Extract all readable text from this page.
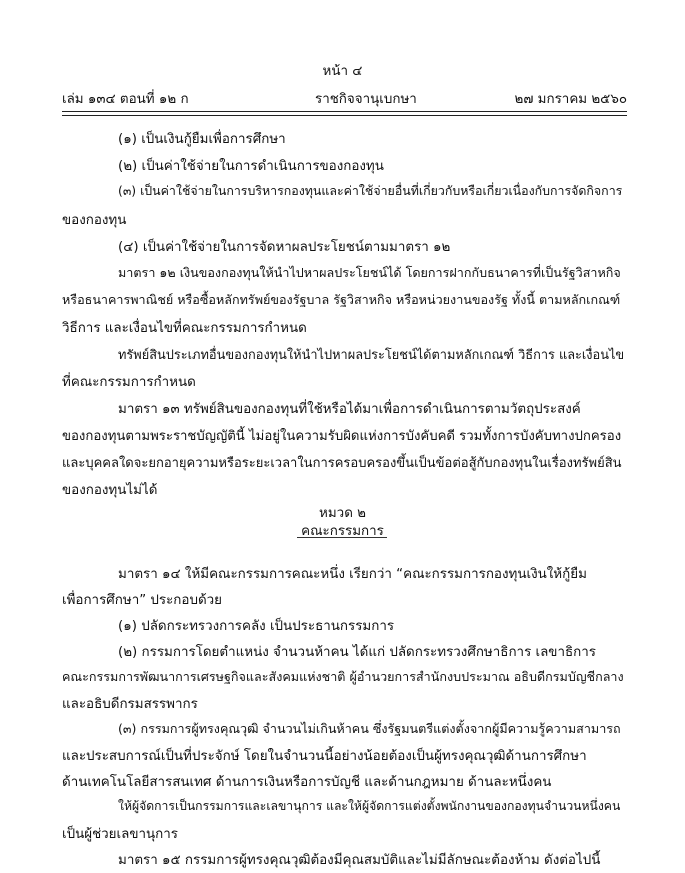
หน้า ๔
เล่ม ๑๓๔ ตอนที่ ๑๒ ก	ราชกิจจานุเบกษา	๒๗ มกราคม ๒๕๖๐
(๑) เป็นเงินกู้ยืมเพื่อการศึกษา
(๒) เป็นค่าใช้จ่ายในการดำเนินการของกองทุน
(๓) เป็นค่าใช้จ่ายในการบริหารกองทุนและค่าใช้จ่ายอื่นที่เกี่ยวกับหรือเกี่ยวเนื่องกับการจัดกิจการ
ของกองทุน
(๔) เป็นค่าใช้จ่ายในการจัดหาผลประโยชน์ตามมาตรา ๑๒
มาตรา ๑๒ เงินของกองทุนให้นำไปหาผลประโยชน์ได้ โดยการฝากกับธนาคารที่เป็นรัฐวิสาหกิจ
หรือธนาคารพาณิชย์ หรือซื้อหลักทรัพย์ของรัฐบาล รัฐวิสาหกิจ หรือหน่วยงานของรัฐ ทั้งนี้ ตามหลักเกณฑ์
วิธีการ และเงื่อนไขที่คณะกรรมการกำหนด
ทรัพย์สินประเภทอื่นของกองทุนให้นำไปหาผลประโยชน์ได้ตามหลักเกณฑ์ วิธีการ และเงื่อนไข
ที่คณะกรรมการกำหนด
มาตรา ๑๓ ทรัพย์สินของกองทุนที่ใช้หรือได้มาเพื่อการดำเนินการตามวัตถุประสงค์
ของกองทุนตามพระราชบัญญัตินี้ ไม่อยู่ในความรับผิดแห่งการบังคับคดี รวมทั้งการบังคับทางปกครอง
และบุคคลใดจะยกอายุความหรือระยะเวลาในการครอบครองขึ้นเป็นข้อต่อสู้กับกองทุนในเรื่องทรัพย์สิน
ของกองทุนไม่ได้
หมวด ๒
คณะกรรมการ
มาตรา ๑๔ ให้มีคณะกรรมการคณะหนึ่ง เรียกว่า “คณะกรรมการกองทุนเงินให้กู้ยืม
เพื่อการศึกษา” ประกอบด้วย
(๑) ปลัดกระทรวงการคลัง เป็นประธานกรรมการ
(๒) กรรมการโดยตำแหน่ง จำนวนห้าคน ได้แก่ ปลัดกระทรวงศึกษาธิการ เลขาธิการ
คณะกรรมการพัฒนาการเศรษฐกิจและสังคมแห่งชาติ ผู้อำนวยการสำนักงบประมาณ อธิบดีกรมบัญชีกลาง
และอธิบดีกรมสรรพากร
(๓) กรรมการผู้ทรงคุณวุฒิ จำนวนไม่เกินห้าคน ซึ่งรัฐมนตรีแต่งตั้งจากผู้มีความรู้ความสามารถ
และประสบการณ์เป็นที่ประจักษ์ โดยในจำนวนนี้อย่างน้อยต้องเป็นผู้ทรงคุณวุฒิด้านการศึกษา
ด้านเทคโนโลยีสารสนเทศ ด้านการเงินหรือการบัญชี และด้านกฎหมาย ด้านละหนึ่งคน
ให้ผู้จัดการเป็นกรรมการและเลขานุการ และให้ผู้จัดการแต่งตั้งพนักงานของกองทุนจำนวนหนึ่งคน
เป็นผู้ช่วยเลขานุการ
มาตรา ๑๕ กรรมการผู้ทรงคุณวุฒิต้องมีคุณสมบัติและไม่มีลักษณะต้องห้าม ดังต่อไปนี้
